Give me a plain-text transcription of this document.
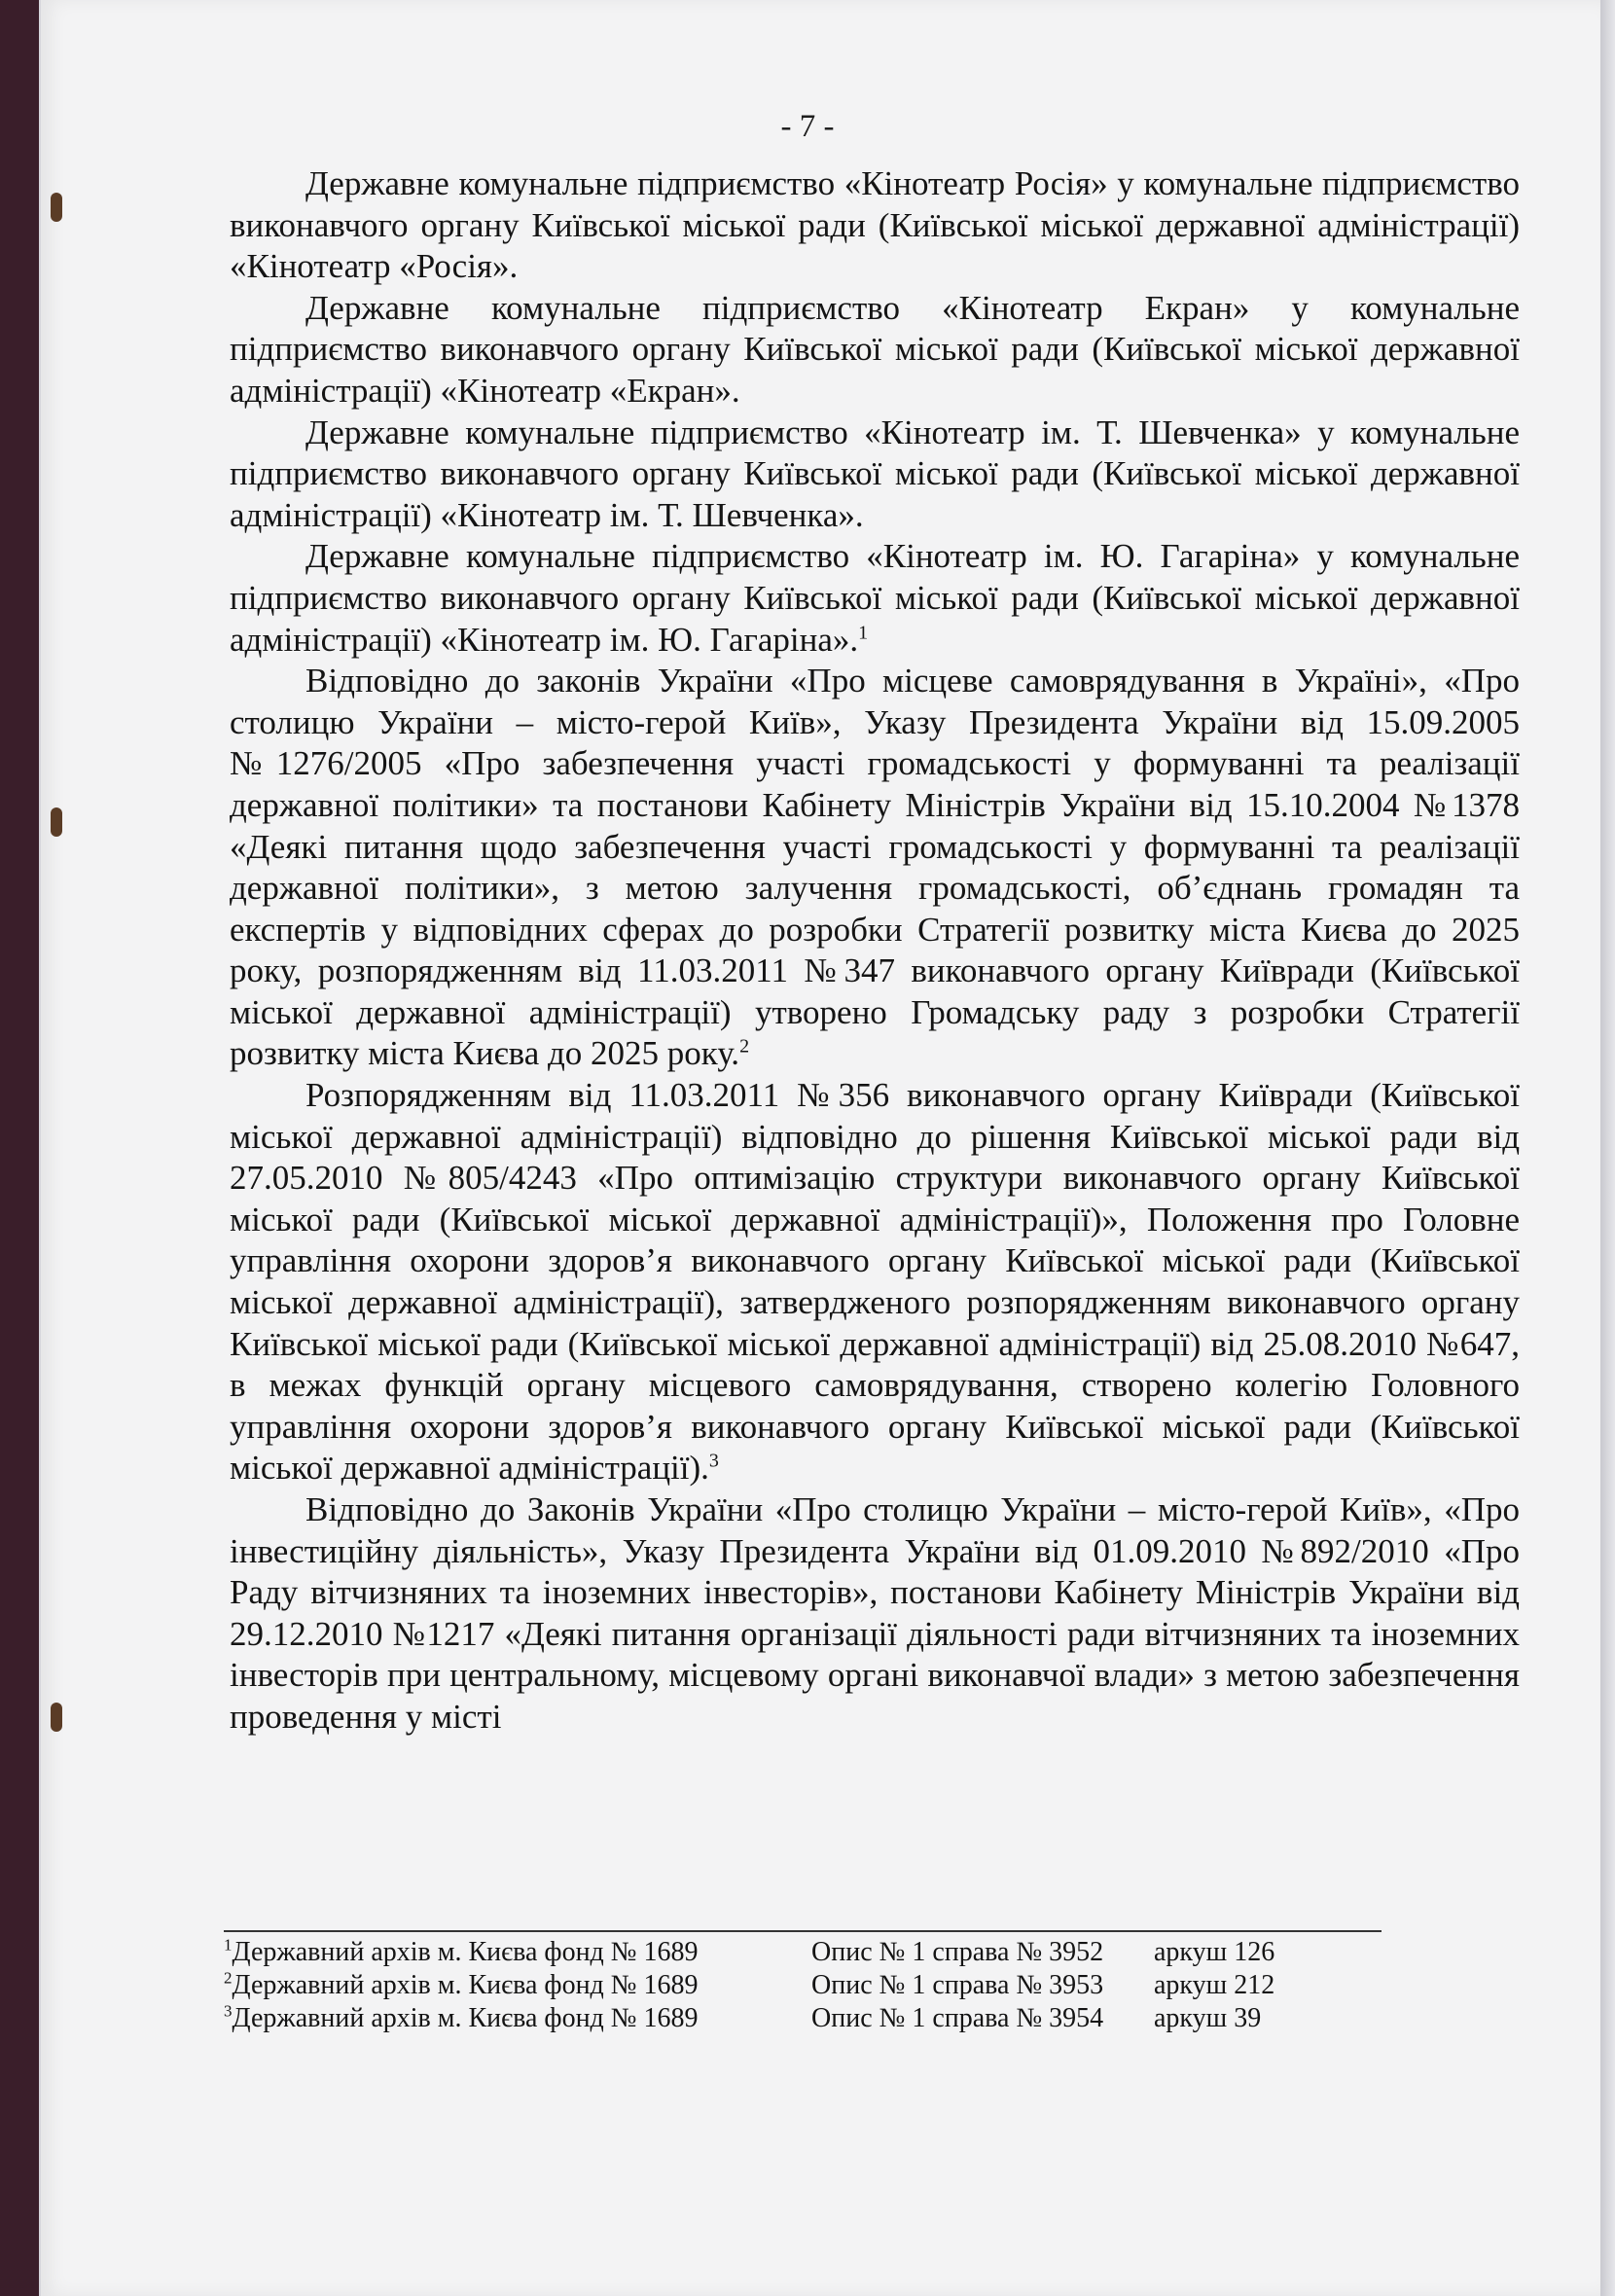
- 7 -

Державне комунальне підприємство «Кінотеатр Росія» у комунальне підприємство виконавчого органу Київської міської ради (Київської міської державної адміністрації) «Кінотеатр «Росія».

Державне комунальне підприємство «Кінотеатр Екран» у комунальне підприємство виконавчого органу Київської міської ради (Київської міської державної адміністрації) «Кінотеатр «Екран».

Державне комунальне підприємство «Кінотеатр ім. Т. Шевченка» у комунальне підприємство виконавчого органу Київської міської ради (Київської міської державної адміністрації) «Кінотеатр ім. Т. Шевченка».

Державне комунальне підприємство «Кінотеатр ім. Ю. Гагаріна» у комунальне підприємство виконавчого органу Київської міської ради (Київської міської державної адміністрації) «Кінотеатр ім. Ю. Гагаріна».$^1$

Відповідно до законів України «Про місцеве самоврядування в Україні», «Про столицю України – місто-герой Київ», Указу Президента України від 15.09.2005 №1276/2005 «Про забезпечення участі громадськості у формуванні та реалізації державної політики» та постанови Кабінету Міністрів України від 15.10.2004 №1378 «Деякі питання щодо забезпечення участі громадськості у формуванні та реалізації державної політики», з метою залучення громадськості, об’єднань громадян та експертів у відповідних сферах до розробки Стратегії розвитку міста Києва до 2025 року, розпорядженням від 11.03.2011 №347 виконавчого органу Київради (Київської міської державної адміністрації) утворено Громадську раду з розробки Стратегії розвитку міста Києва до 2025 року.$^2$

Розпорядженням від 11.03.2011 №356 виконавчого органу Київради (Київської міської державної адміністрації) відповідно до рішення Київської міської ради від 27.05.2010 №805/4243 «Про оптимізацію структури виконавчого органу Київської міської ради (Київської міської державної адміністрації)», Положення про Головне управління охорони здоров’я виконавчого органу Київської міської ради (Київської міської державної адміністрації), затвердженого розпорядженням виконавчого органу Київської міської ради (Київської міської державної адміністрації) від 25.08.2010 №647, в межах функцій органу місцевого самоврядування, створено колегію Головного управління охорони здоров’я виконавчого органу Київської міської ради (Київської міської державної адміністрації).$^3$

Відповідно до Законів України «Про столицю України – місто-герой Київ», «Про інвестиційну діяльність», Указу Президента України від 01.09.2010 №892/2010 «Про Раду вітчизняних та іноземних інвесторів», постанови Кабінету Міністрів України від 29.12.2010 №1217 «Деякі питання організації діяльності ради вітчизняних та іноземних інвесторів при центральному, місцевому органі виконавчої влади» з метою забезпечення проведення у місті

$^1$Державний архів м. Києва фонд № 1689	Опис № 1 справа № 3952	аркуш 126
$^2$Державний архів м. Києва фонд № 1689	Опис № 1 справа № 3953	аркуш 212
$^3$Державний архів м. Києва фонд № 1689	Опис № 1 справа № 3954	аркуш 39
